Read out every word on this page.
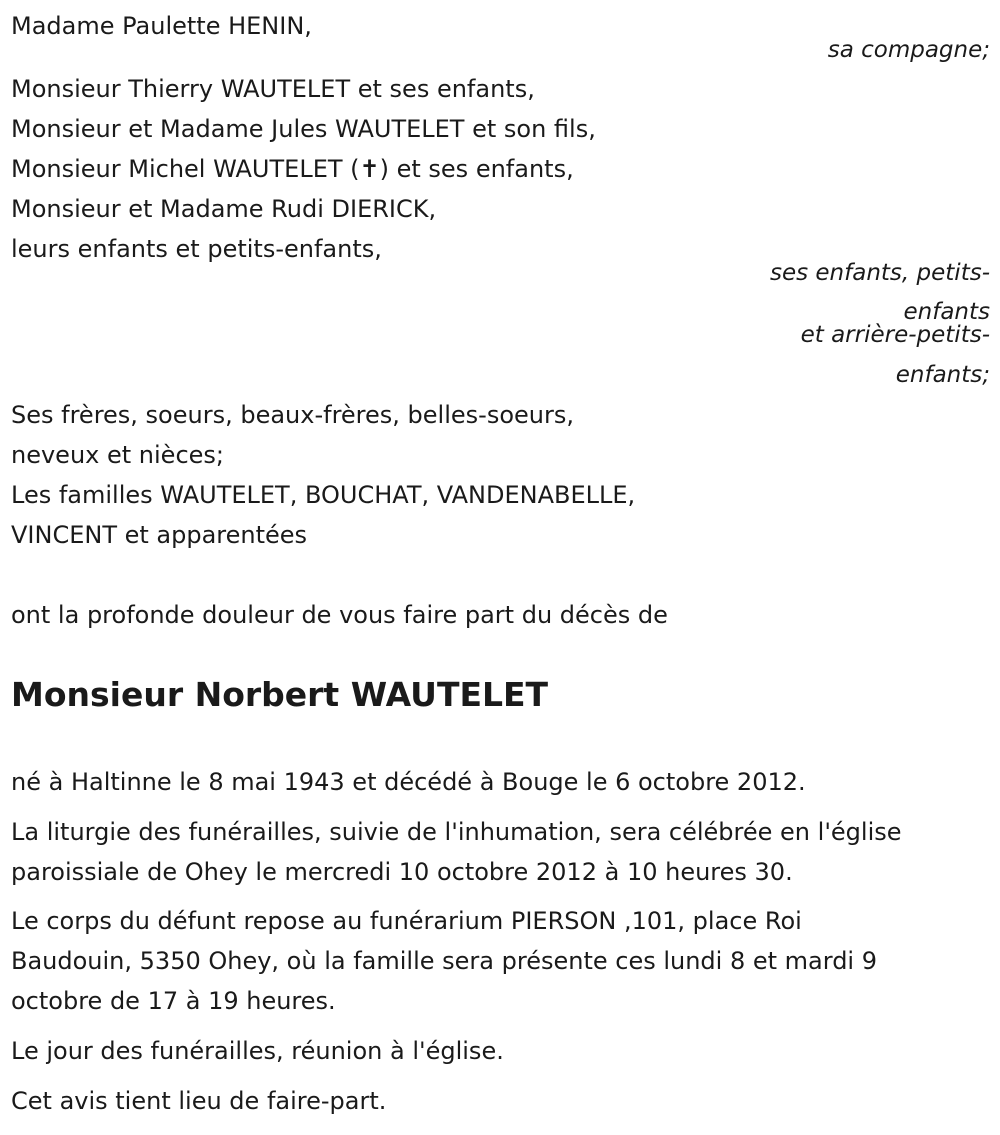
Madame Paulette HENIN,
sa compagne;
Monsieur Thierry WAUTELET et ses enfants,
Monsieur et Madame Jules WAUTELET et son fils,
Monsieur Michel WAUTELET (✝) et ses enfants,
Monsieur et Madame Rudi DIERICK,
leurs enfants et petits-enfants,
ses enfants, petits-
enfants
et arrière-petits-
enfants;
Ses frères, soeurs, beaux-frères, belles-soeurs,
neveux et nièces;
Les familles WAUTELET, BOUCHAT, VANDENABELLE,
VINCENT et apparentées
ont la profonde douleur de vous faire part du décès de
Monsieur Norbert WAUTELET
né à Haltinne le 8 mai 1943 et décédé à Bouge le 6 octobre 2012.
La liturgie des funérailles, suivie de l'inhumation, sera célébrée en l'église
paroissiale de Ohey le mercredi 10 octobre 2012 à 10 heures 30.
Le corps du défunt repose au funérarium PIERSON ,101, place Roi
Baudouin, 5350 Ohey, où la famille sera présente ces lundi 8 et mardi 9
octobre de 17 à 19 heures.
Le jour des funérailles, réunion à l'église.
Cet avis tient lieu de faire-part.
